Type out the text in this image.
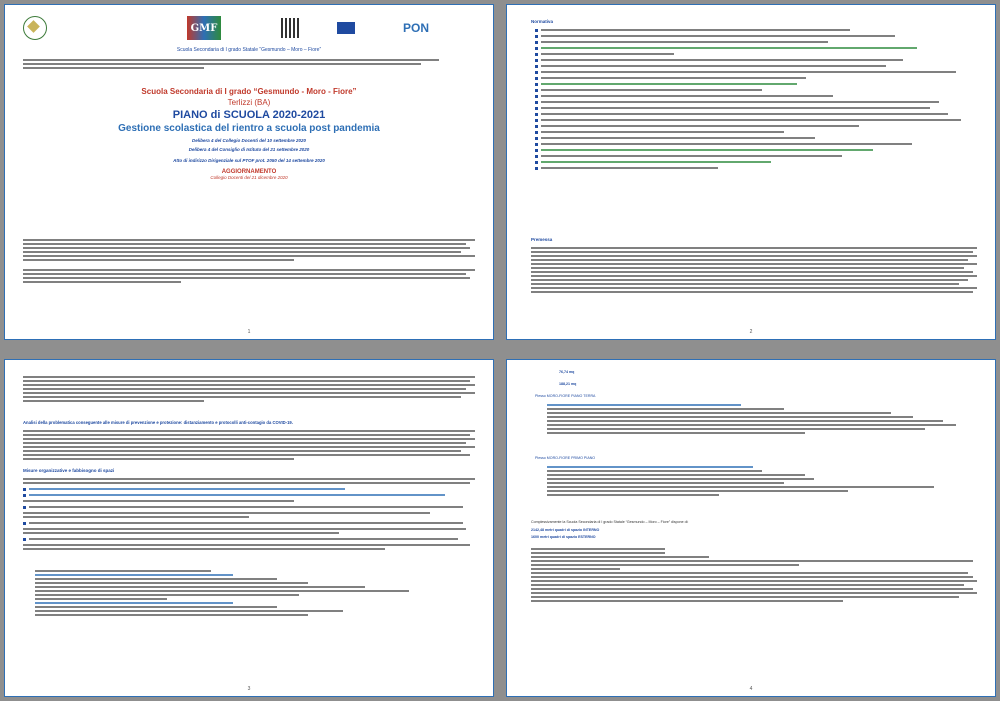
GMF	PON
Scuola Secondaria di I grado Statale “Gesmundo – Moro – Fiore”
Scuola Secondaria di I grado “Gesmundo - Moro - Fiore”
Terlizzi (BA)
PIANO di SCUOLA 2020-2021
Gestione scolastica del rientro a scuola post pandemia
Delibera 4 del Collegio Docenti del 10 settembre 2020
Delibera 4 del Consiglio di Istituto del 21 settembre 2020
Atto di indirizzo Dirigenziale sul PTOF prot. 2050 del 14 settembre 2020
AGGIORNAMENTO
Collegio Docenti del 21 dicembre 2020
1
Normativa
Premessa
2
Analisi della problematica conseguente alle misure di prevenzione e protezione: distanziamento e protocolli anti-contagio da COVID-19.
Misure organizzative e fabbisogno di spazi
3
76,74 mq
188,21 mq
Plesso MORO-FIORE PIANO TERRA
Plesso MORO-FIORE PRIMO PIANO
Complessivamente la Scuola Secondaria di I grado Statale “Gesmundo – Moro – Fiore” dispone di:
2142,48 metri quadri di spazio INTERNO
1600 metri quadri di spazio ESTERNO
4
